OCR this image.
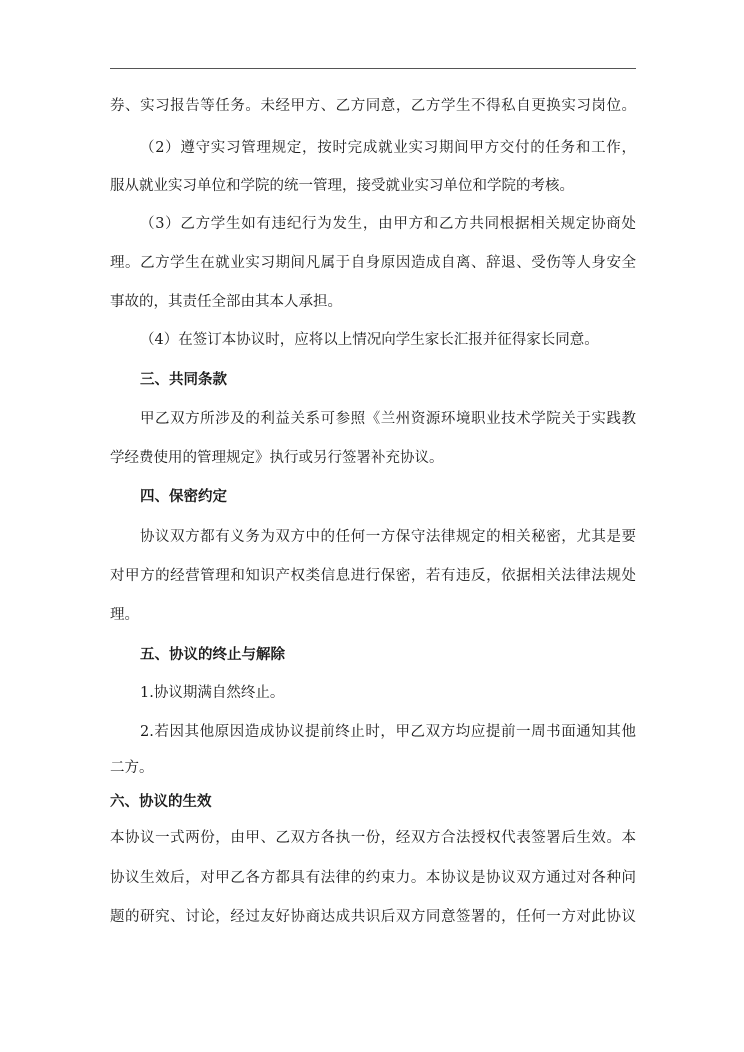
券、实习报告等任务。未经甲方、乙方同意，乙方学生不得私自更换实习岗位。
（2）遵守实习管理规定，按时完成就业实习期间甲方交付的任务和工作，
服从就业实习单位和学院的统一管理，接受就业实习单位和学院的考核。
（3）乙方学生如有违纪行为发生，由甲方和乙方共同根据相关规定协商处
理。乙方学生在就业实习期间凡属于自身原因造成自离、辞退、受伤等人身安全
事故的，其责任全部由其本人承担。
（4）在签订本协议时，应将以上情况向学生家长汇报并征得家长同意。
三、共同条款
甲乙双方所涉及的利益关系可参照《兰州资源环境职业技术学院关于实践教
学经费使用的管理规定》执行或另行签署补充协议。
四、保密约定
协议双方都有义务为双方中的任何一方保守法律规定的相关秘密，尤其是要
对甲方的经营管理和知识产权类信息进行保密，若有违反，依据相关法律法规处
理。
五、协议的终止与解除
1.协议期满自然终止。
2.若因其他原因造成协议提前终止时，甲乙双方均应提前一周书面通知其他
二方。
六、协议的生效
本协议一式两份，由甲、乙双方各执一份，经双方合法授权代表签署后生效。本
协议生效后，对甲乙各方都具有法律的约束力。本协议是协议双方通过对各种问
题的研究、讨论，经过友好协商达成共识后双方同意签署的，任何一方对此协议
